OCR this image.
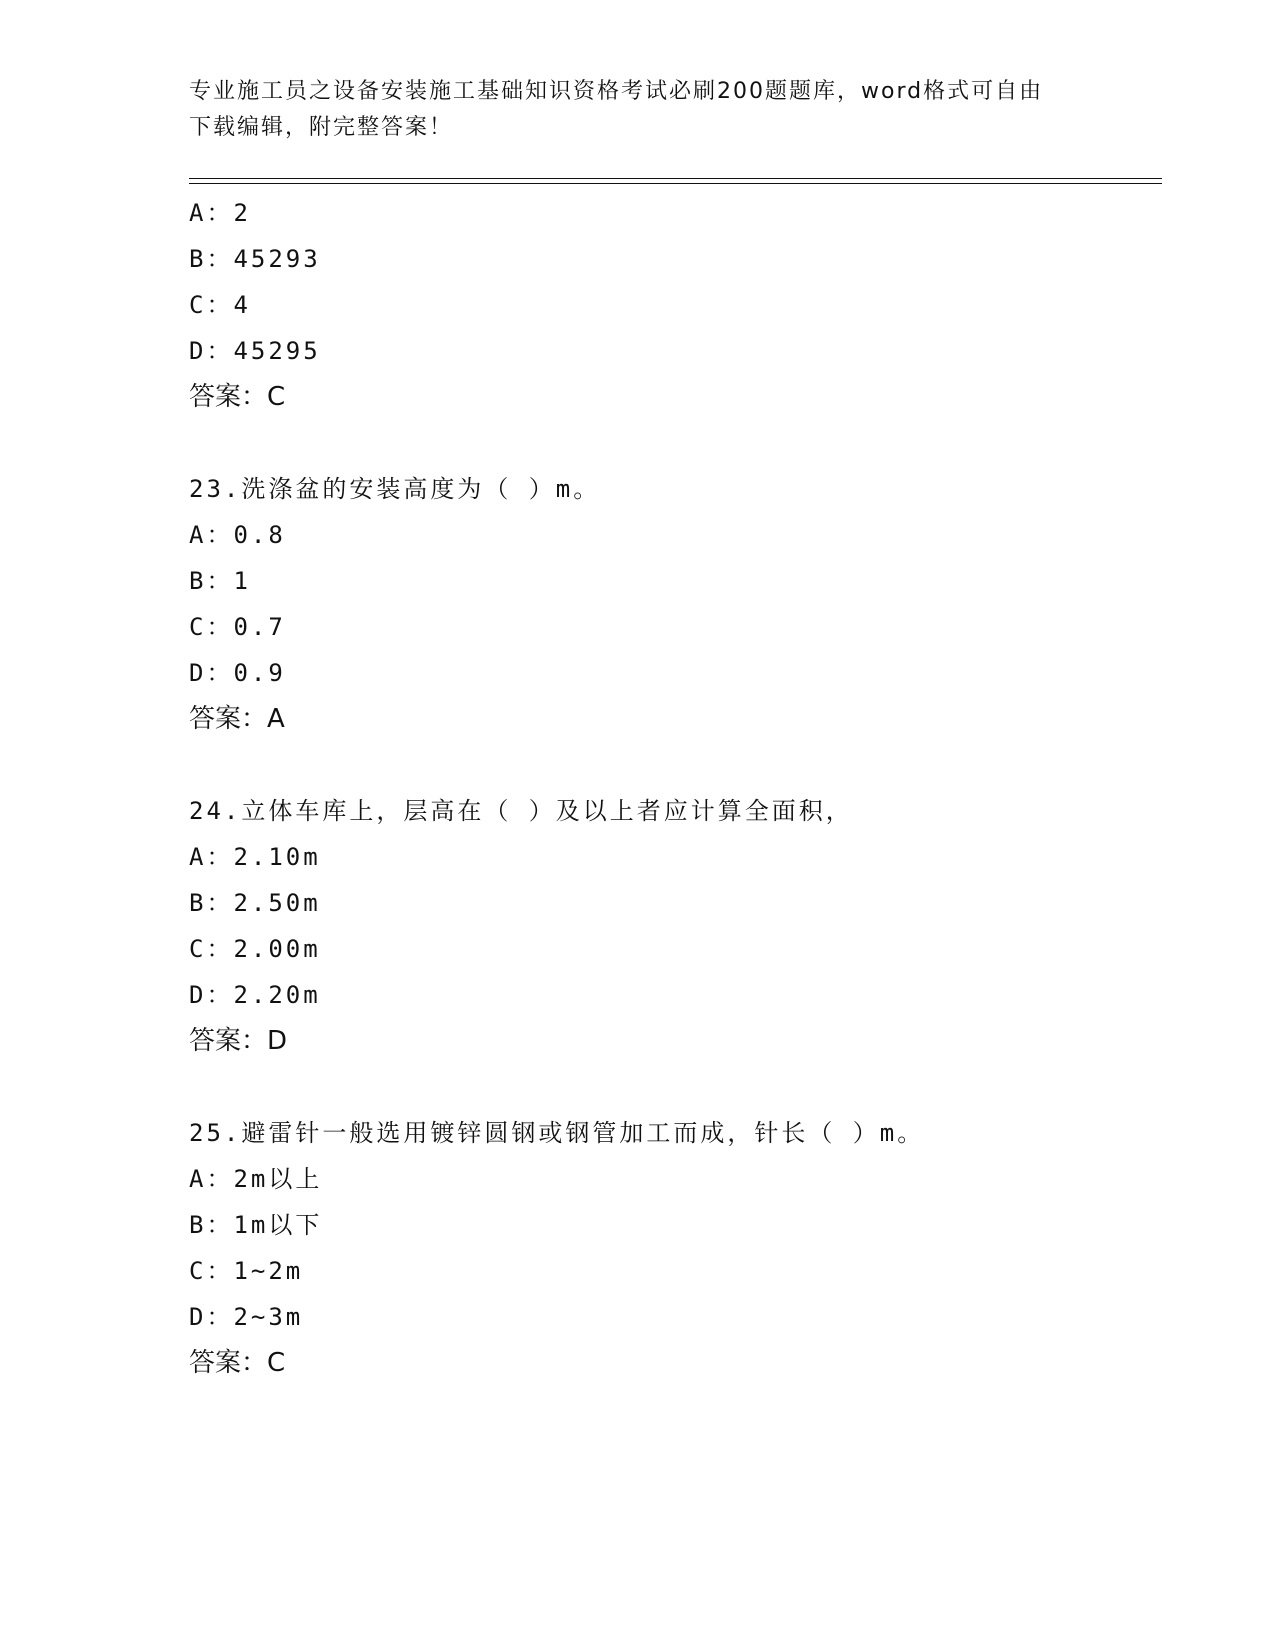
专业施工员之设备安装施工基础知识资格考试必刷200题题库，word格式可自由
下载编辑，附完整答案！
A：2
B：45293
C：4
D：45295
答案：C
23.洗涤盆的安装高度为（ ）m。
A：0.8
B：1
C：0.7
D：0.9
答案：A
24.立体车库上，层高在（ ）及以上者应计算全面积，
A：2.10m
B：2.50m
C：2.00m
D：2.20m
答案：D
25.避雷针一般选用镀锌圆钢或钢管加工而成，针长（ ）m。
A：2m以上
B：1m以下
C：1~2m
D：2~3m
答案：C
